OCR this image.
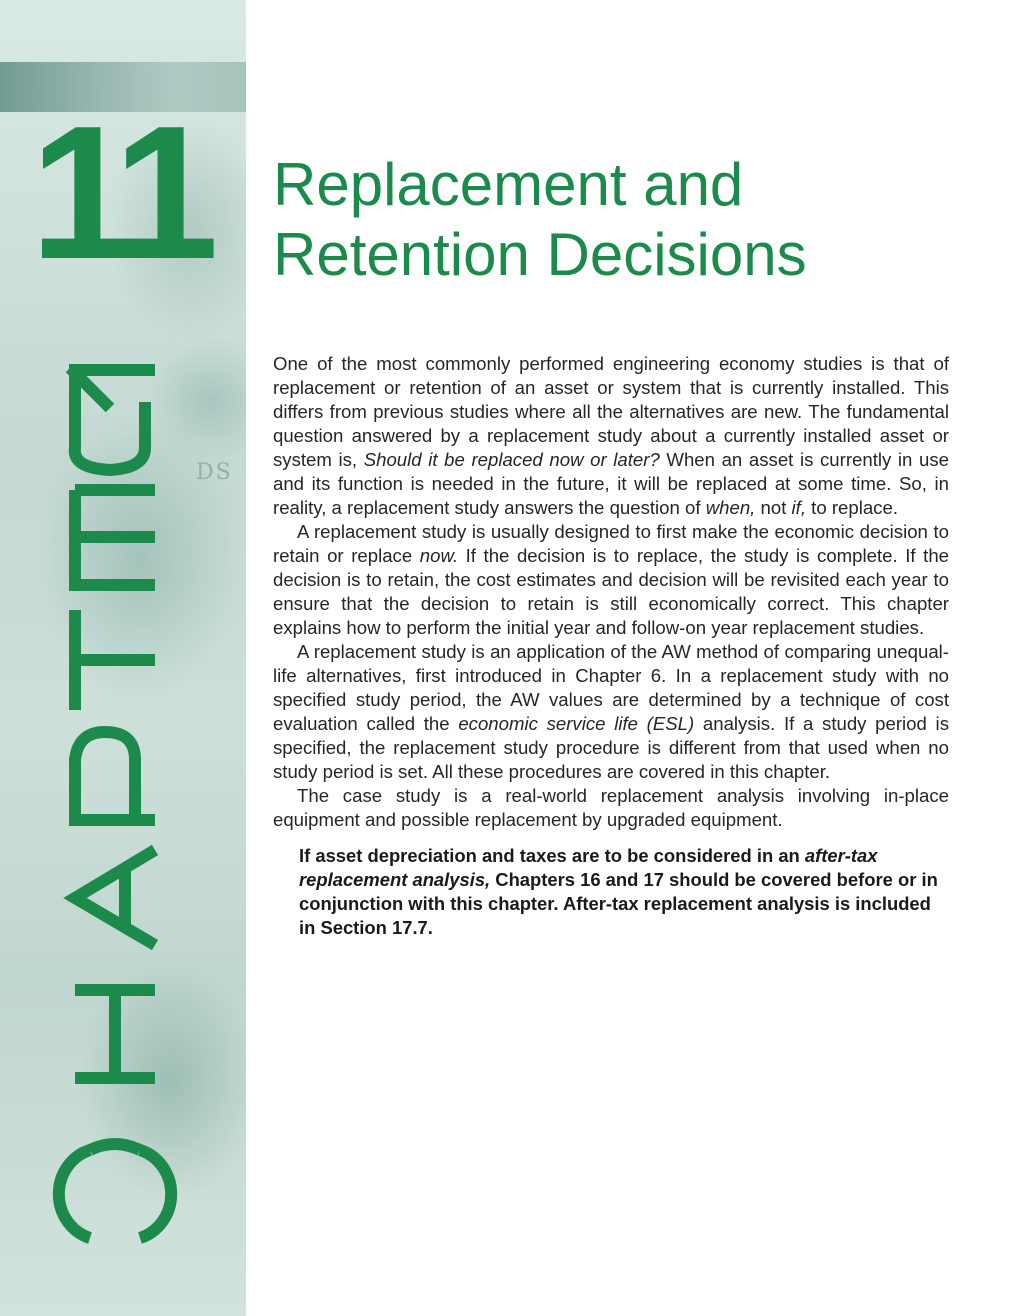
DS
11 Replacement and
Retention Decisions

One of the most commonly performed engineering economy studies is that of replacement or retention of an asset or system that is currently installed. This differs from previous studies where all the alternatives are new. The fundamental question answered by a replacement study about a currently installed asset or system is, Should it be replaced now or later? When an asset is currently in use and its function is needed in the future, it will be replaced at some time. So, in reality, a replacement study answers the question of when, not if, to replace.

A replacement study is usually designed to first make the economic decision to retain or replace now. If the decision is to replace, the study is complete. If the decision is to retain, the cost estimates and decision will be revisited each year to ensure that the decision to retain is still economically correct. This chapter explains how to perform the initial year and follow-on year replacement studies.

A replacement study is an application of the AW method of comparing unequal-life alternatives, first introduced in Chapter 6. In a replacement study with no specified study period, the AW values are determined by a technique of cost evaluation called the economic service life (ESL) analysis. If a study period is specified, the replacement study procedure is different from that used when no study period is set. All these procedures are covered in this chapter.

The case study is a real-world replacement analysis involving in-place equipment and possible replacement by upgraded equipment.

If asset depreciation and taxes are to be considered in an after-tax replacement analysis, Chapters 16 and 17 should be covered before or in conjunction with this chapter. After-tax replacement analysis is included in Section 17.7.
